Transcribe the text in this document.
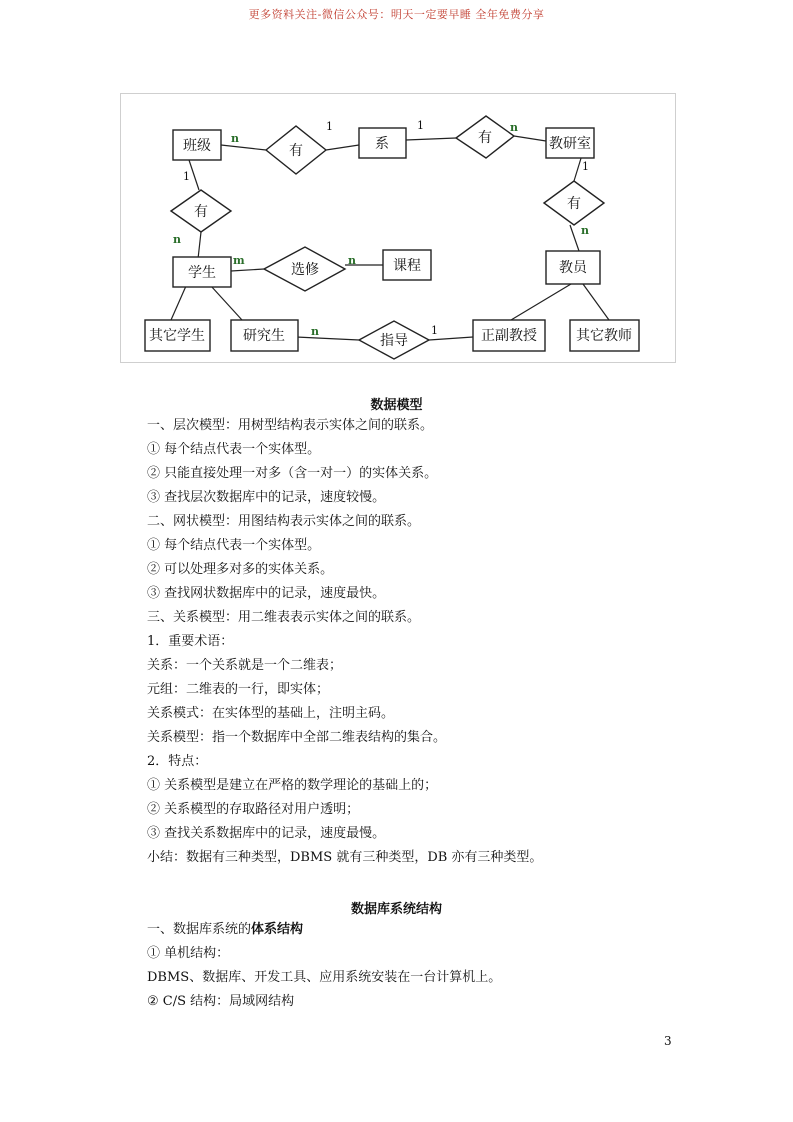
更多资料关注-微信公众号：明天一定要早睡 全年免费分享
班级	系	教研室
学生	课程	教员
其它学生	研究生	正副教授	其它教师
有
有
有	有
选修
指导
n
1	1	n
1
n
1
n
m	n
n	1
数据模型
一、层次模型：用树型结构表示实体之间的联系。
① 每个结点代表一个实体型。
② 只能直接处理一对多（含一对一）的实体关系。
③ 查找层次数据库中的记录，速度较慢。
二、网状模型：用图结构表示实体之间的联系。
① 每个结点代表一个实体型。
② 可以处理多对多的实体关系。
③ 查找网状数据库中的记录，速度最快。
三、关系模型：用二维表表示实体之间的联系。
1．重要术语：
关系：一个关系就是一个二维表；
元组：二维表的一行，即实体；
关系模式：在实体型的基础上，注明主码。
关系模型：指一个数据库中全部二维表结构的集合。
2．特点：
① 关系模型是建立在严格的数学理论的基础上的；
② 关系模型的存取路径对用户透明；
③ 查找关系数据库中的记录，速度最慢。
小结：数据有三种类型，DBMS 就有三种类型，DB 亦有三种类型。
数据库系统结构
一、数据库系统的体系结构
① 单机结构：
DBMS、数据库、开发工具、应用系统安装在一台计算机上。
② C/S 结构：局域网结构
3
